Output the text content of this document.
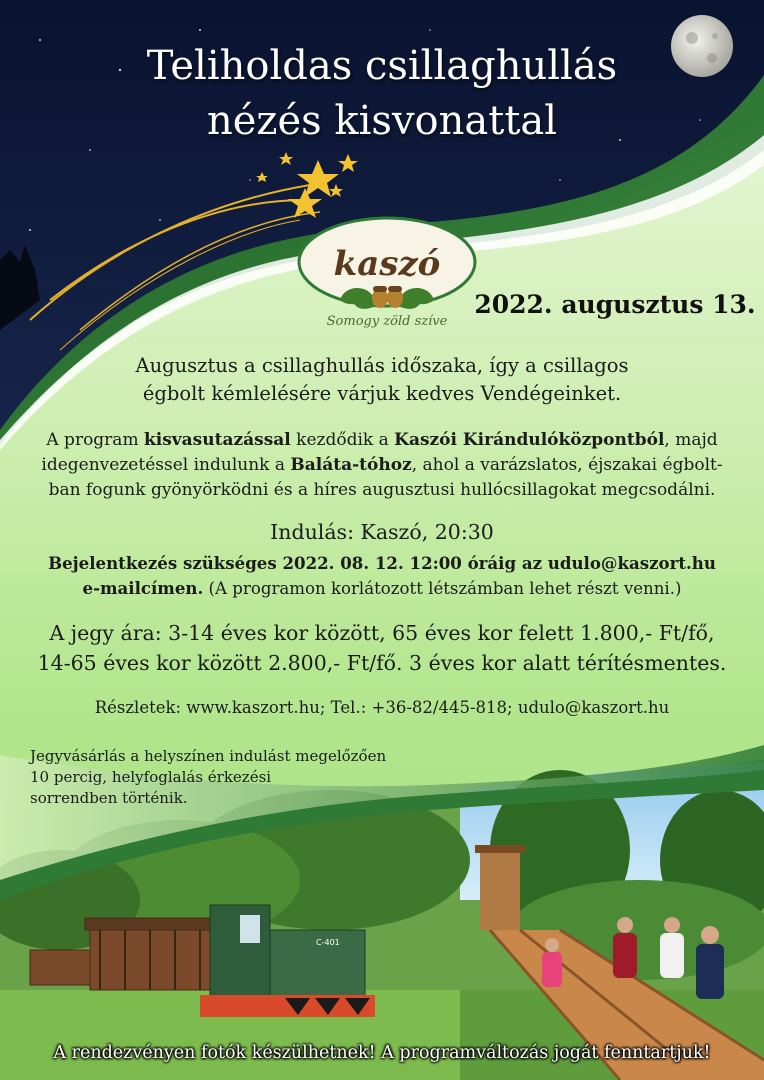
C-401
kaszó
Somogy zöld szíve
Teliholdas csillaghullás
nézés kisvonattal
2022. augusztus 13.
Augusztus a csillaghullás időszaka, így a csillagos
égbolt kémlelésére várjuk kedves Vendégeinket.
A program kisvasutazással kezdődik a Kaszói Kirándulóközpontból, majd
idegenvezetéssel indulunk a Baláta-tóhoz, ahol a varázslatos, éjszakai égbolt-
ban fogunk gyönyörködni és a híres augusztusi hullócsillagokat megcsodálni.
Indulás: Kaszó, 20:30
Bejelentkezés szükséges 2022. 08. 12. 12:00 óráig az udulo@kaszort.hu
e-mailcímen. (A programon korlátozott létszámban lehet részt venni.)
A jegy ára: 3-14 éves kor között, 65 éves kor felett 1.800,- Ft/fő,
14-65 éves kor között 2.800,- Ft/fő. 3 éves kor alatt térítésmentes.
Részletek: www.kaszort.hu; Tel.: +36-82/445-818; udulo@kaszort.hu
Jegyvásárlás a helyszínen indulást megelőzően
10 percig, helyfoglalás érkezési
sorrendben történik.
A rendezvényen fotók készülhetnek! A programváltozás jogát fenntartjuk!
